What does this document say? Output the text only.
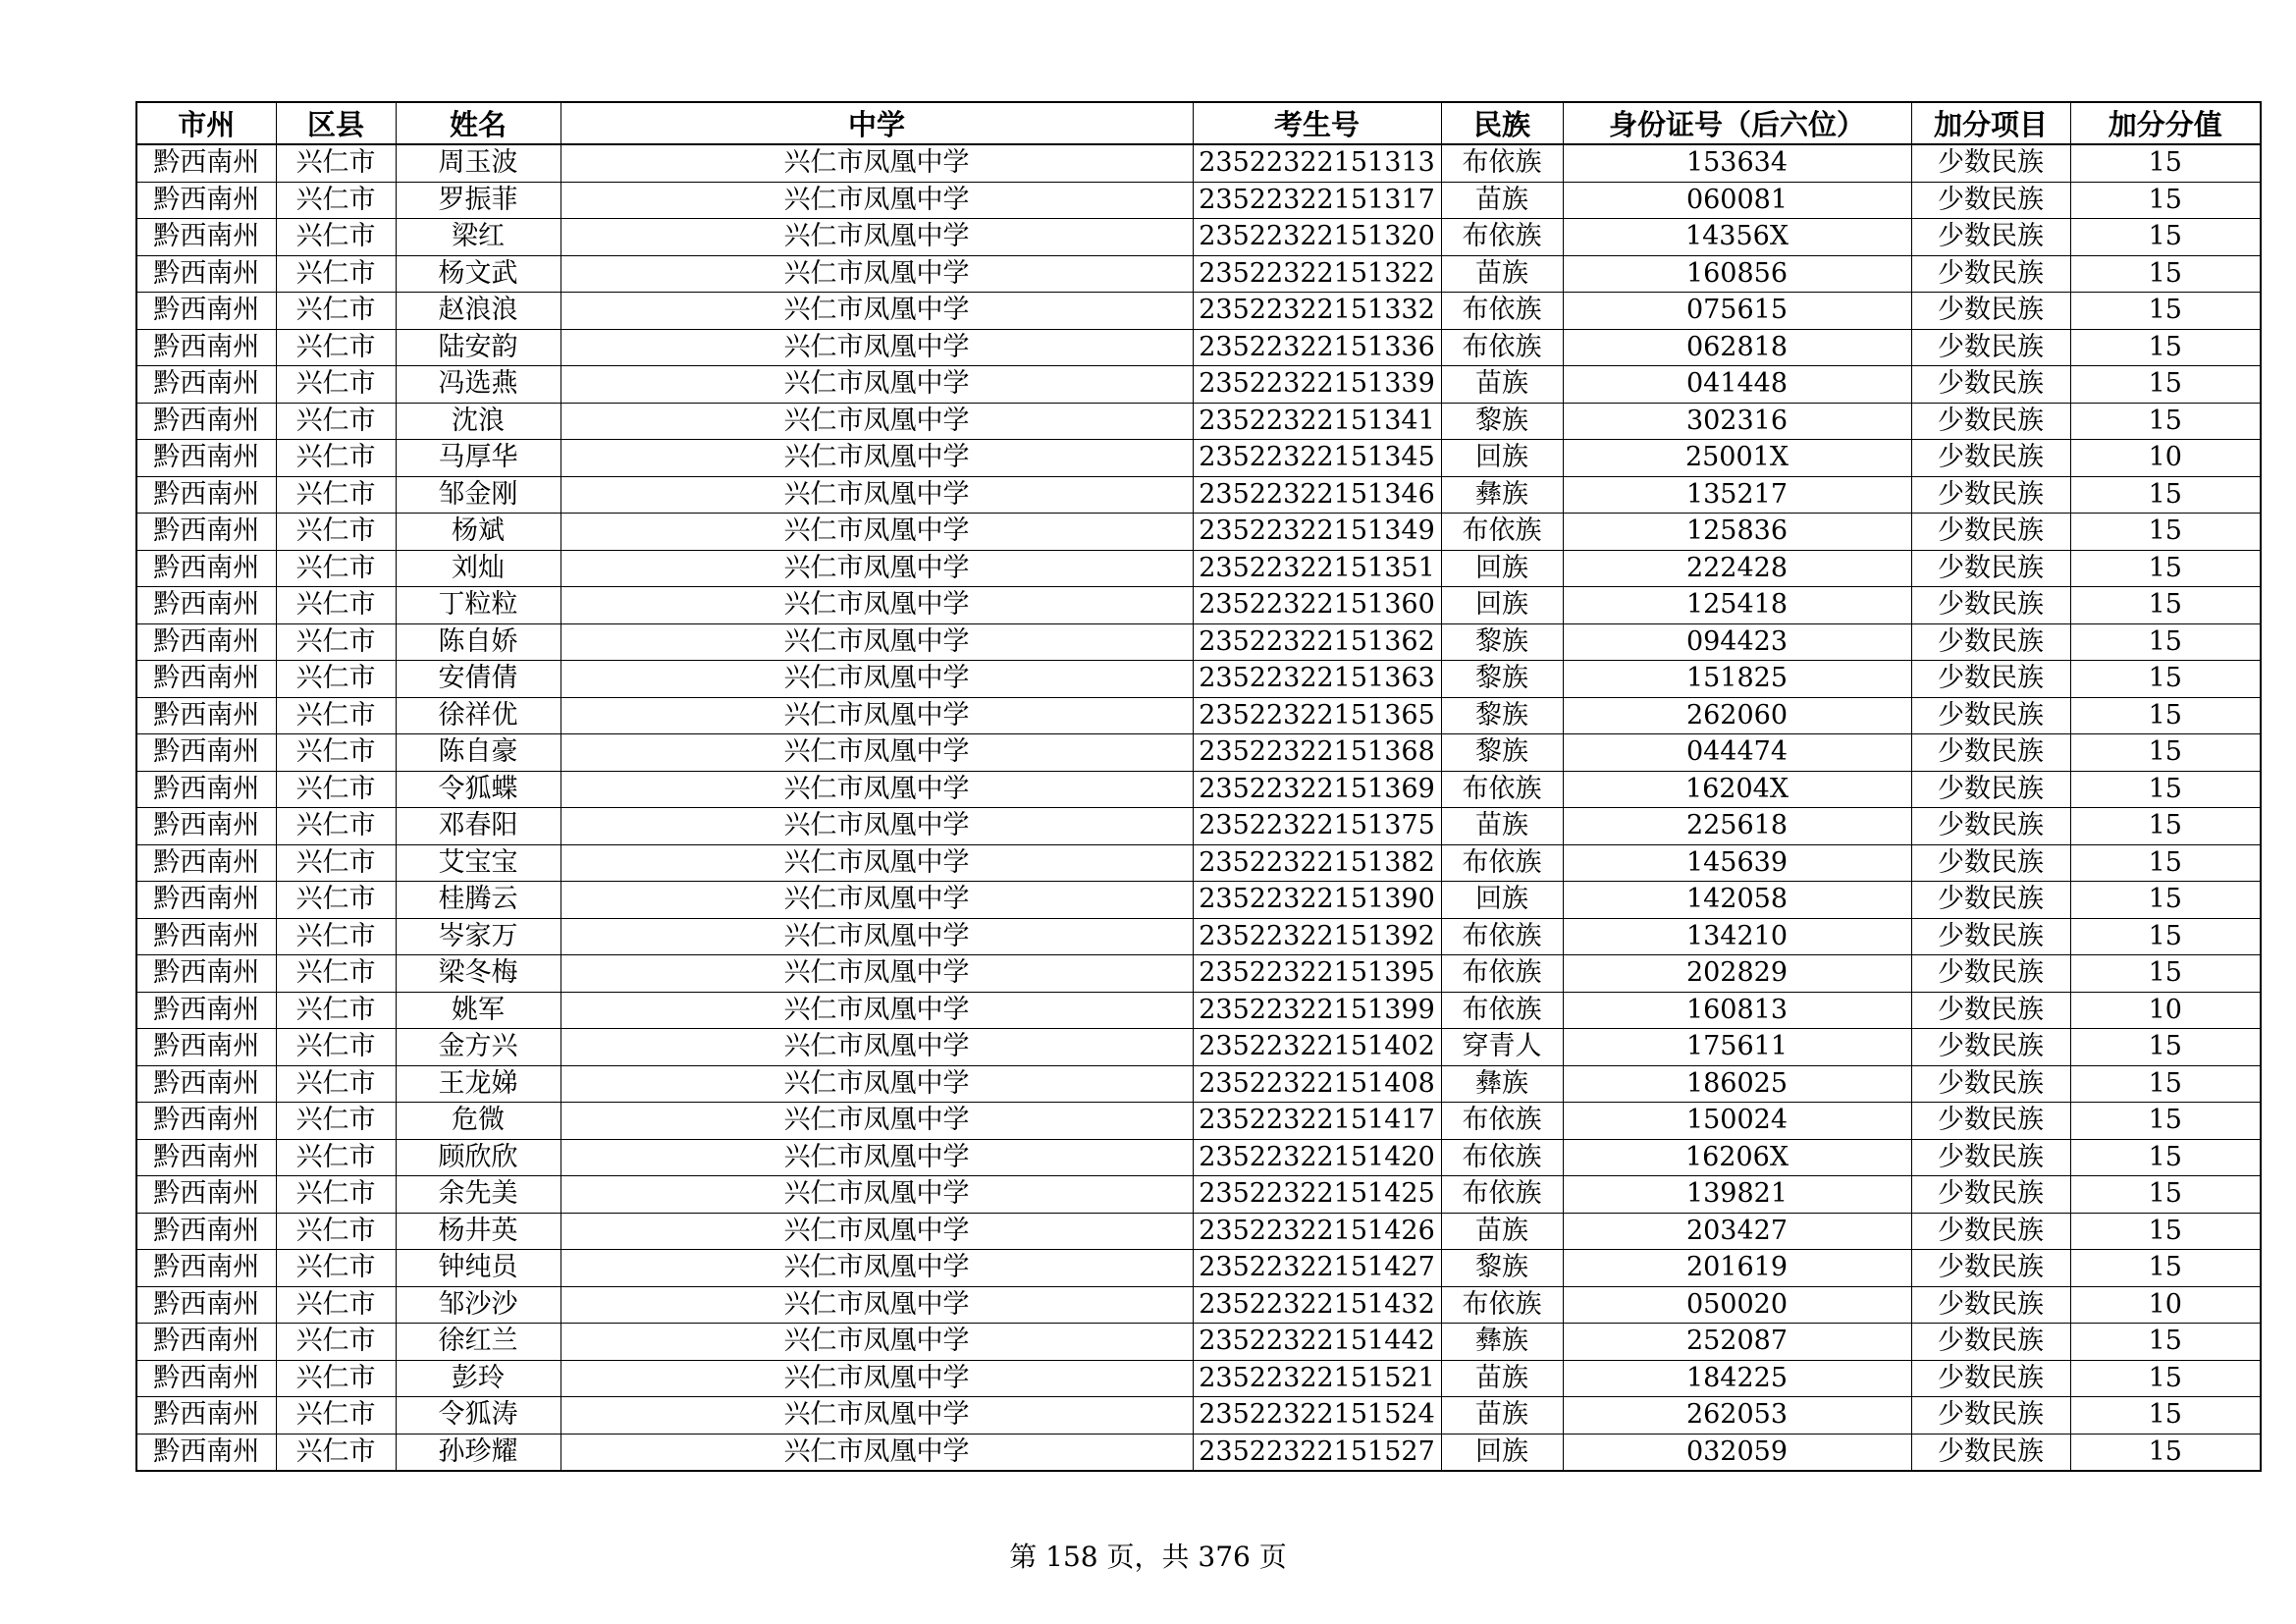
市州	区县	姓名	中学	考生号	民族	身份证号（后六位）	加分项目	加分分值
黔西南州	兴仁市	周玉波	兴仁市凤凰中学	23522322151313	布依族	153634	少数民族	15
黔西南州	兴仁市	罗振菲	兴仁市凤凰中学	23522322151317	苗族	060081	少数民族	15
黔西南州	兴仁市	梁红	兴仁市凤凰中学	23522322151320	布依族	14356X	少数民族	15
黔西南州	兴仁市	杨文武	兴仁市凤凰中学	23522322151322	苗族	160856	少数民族	15
黔西南州	兴仁市	赵浪浪	兴仁市凤凰中学	23522322151332	布依族	075615	少数民族	15
黔西南州	兴仁市	陆安韵	兴仁市凤凰中学	23522322151336	布依族	062818	少数民族	15
黔西南州	兴仁市	冯选燕	兴仁市凤凰中学	23522322151339	苗族	041448	少数民族	15
黔西南州	兴仁市	沈浪	兴仁市凤凰中学	23522322151341	黎族	302316	少数民族	15
黔西南州	兴仁市	马厚华	兴仁市凤凰中学	23522322151345	回族	25001X	少数民族	10
黔西南州	兴仁市	邹金刚	兴仁市凤凰中学	23522322151346	彝族	135217	少数民族	15
黔西南州	兴仁市	杨斌	兴仁市凤凰中学	23522322151349	布依族	125836	少数民族	15
黔西南州	兴仁市	刘灿	兴仁市凤凰中学	23522322151351	回族	222428	少数民族	15
黔西南州	兴仁市	丁粒粒	兴仁市凤凰中学	23522322151360	回族	125418	少数民族	15
黔西南州	兴仁市	陈自娇	兴仁市凤凰中学	23522322151362	黎族	094423	少数民族	15
黔西南州	兴仁市	安倩倩	兴仁市凤凰中学	23522322151363	黎族	151825	少数民族	15
黔西南州	兴仁市	徐祥优	兴仁市凤凰中学	23522322151365	黎族	262060	少数民族	15
黔西南州	兴仁市	陈自豪	兴仁市凤凰中学	23522322151368	黎族	044474	少数民族	15
黔西南州	兴仁市	令狐蝶	兴仁市凤凰中学	23522322151369	布依族	16204X	少数民族	15
黔西南州	兴仁市	邓春阳	兴仁市凤凰中学	23522322151375	苗族	225618	少数民族	15
黔西南州	兴仁市	艾宝宝	兴仁市凤凰中学	23522322151382	布依族	145639	少数民族	15
黔西南州	兴仁市	桂腾云	兴仁市凤凰中学	23522322151390	回族	142058	少数民族	15
黔西南州	兴仁市	岑家万	兴仁市凤凰中学	23522322151392	布依族	134210	少数民族	15
黔西南州	兴仁市	梁冬梅	兴仁市凤凰中学	23522322151395	布依族	202829	少数民族	15
黔西南州	兴仁市	姚军	兴仁市凤凰中学	23522322151399	布依族	160813	少数民族	10
黔西南州	兴仁市	金方兴	兴仁市凤凰中学	23522322151402	穿青人	175611	少数民族	15
黔西南州	兴仁市	王龙娣	兴仁市凤凰中学	23522322151408	彝族	186025	少数民族	15
黔西南州	兴仁市	危微	兴仁市凤凰中学	23522322151417	布依族	150024	少数民族	15
黔西南州	兴仁市	顾欣欣	兴仁市凤凰中学	23522322151420	布依族	16206X	少数民族	15
黔西南州	兴仁市	余先美	兴仁市凤凰中学	23522322151425	布依族	139821	少数民族	15
黔西南州	兴仁市	杨井英	兴仁市凤凰中学	23522322151426	苗族	203427	少数民族	15
黔西南州	兴仁市	钟纯员	兴仁市凤凰中学	23522322151427	黎族	201619	少数民族	15
黔西南州	兴仁市	邹沙沙	兴仁市凤凰中学	23522322151432	布依族	050020	少数民族	10
黔西南州	兴仁市	徐红兰	兴仁市凤凰中学	23522322151442	彝族	252087	少数民族	15
黔西南州	兴仁市	彭玲	兴仁市凤凰中学	23522322151521	苗族	184225	少数民族	15
黔西南州	兴仁市	令狐涛	兴仁市凤凰中学	23522322151524	苗族	262053	少数民族	15
黔西南州	兴仁市	孙珍耀	兴仁市凤凰中学	23522322151527	回族	032059	少数民族	15
第 158 页，共 376 页
